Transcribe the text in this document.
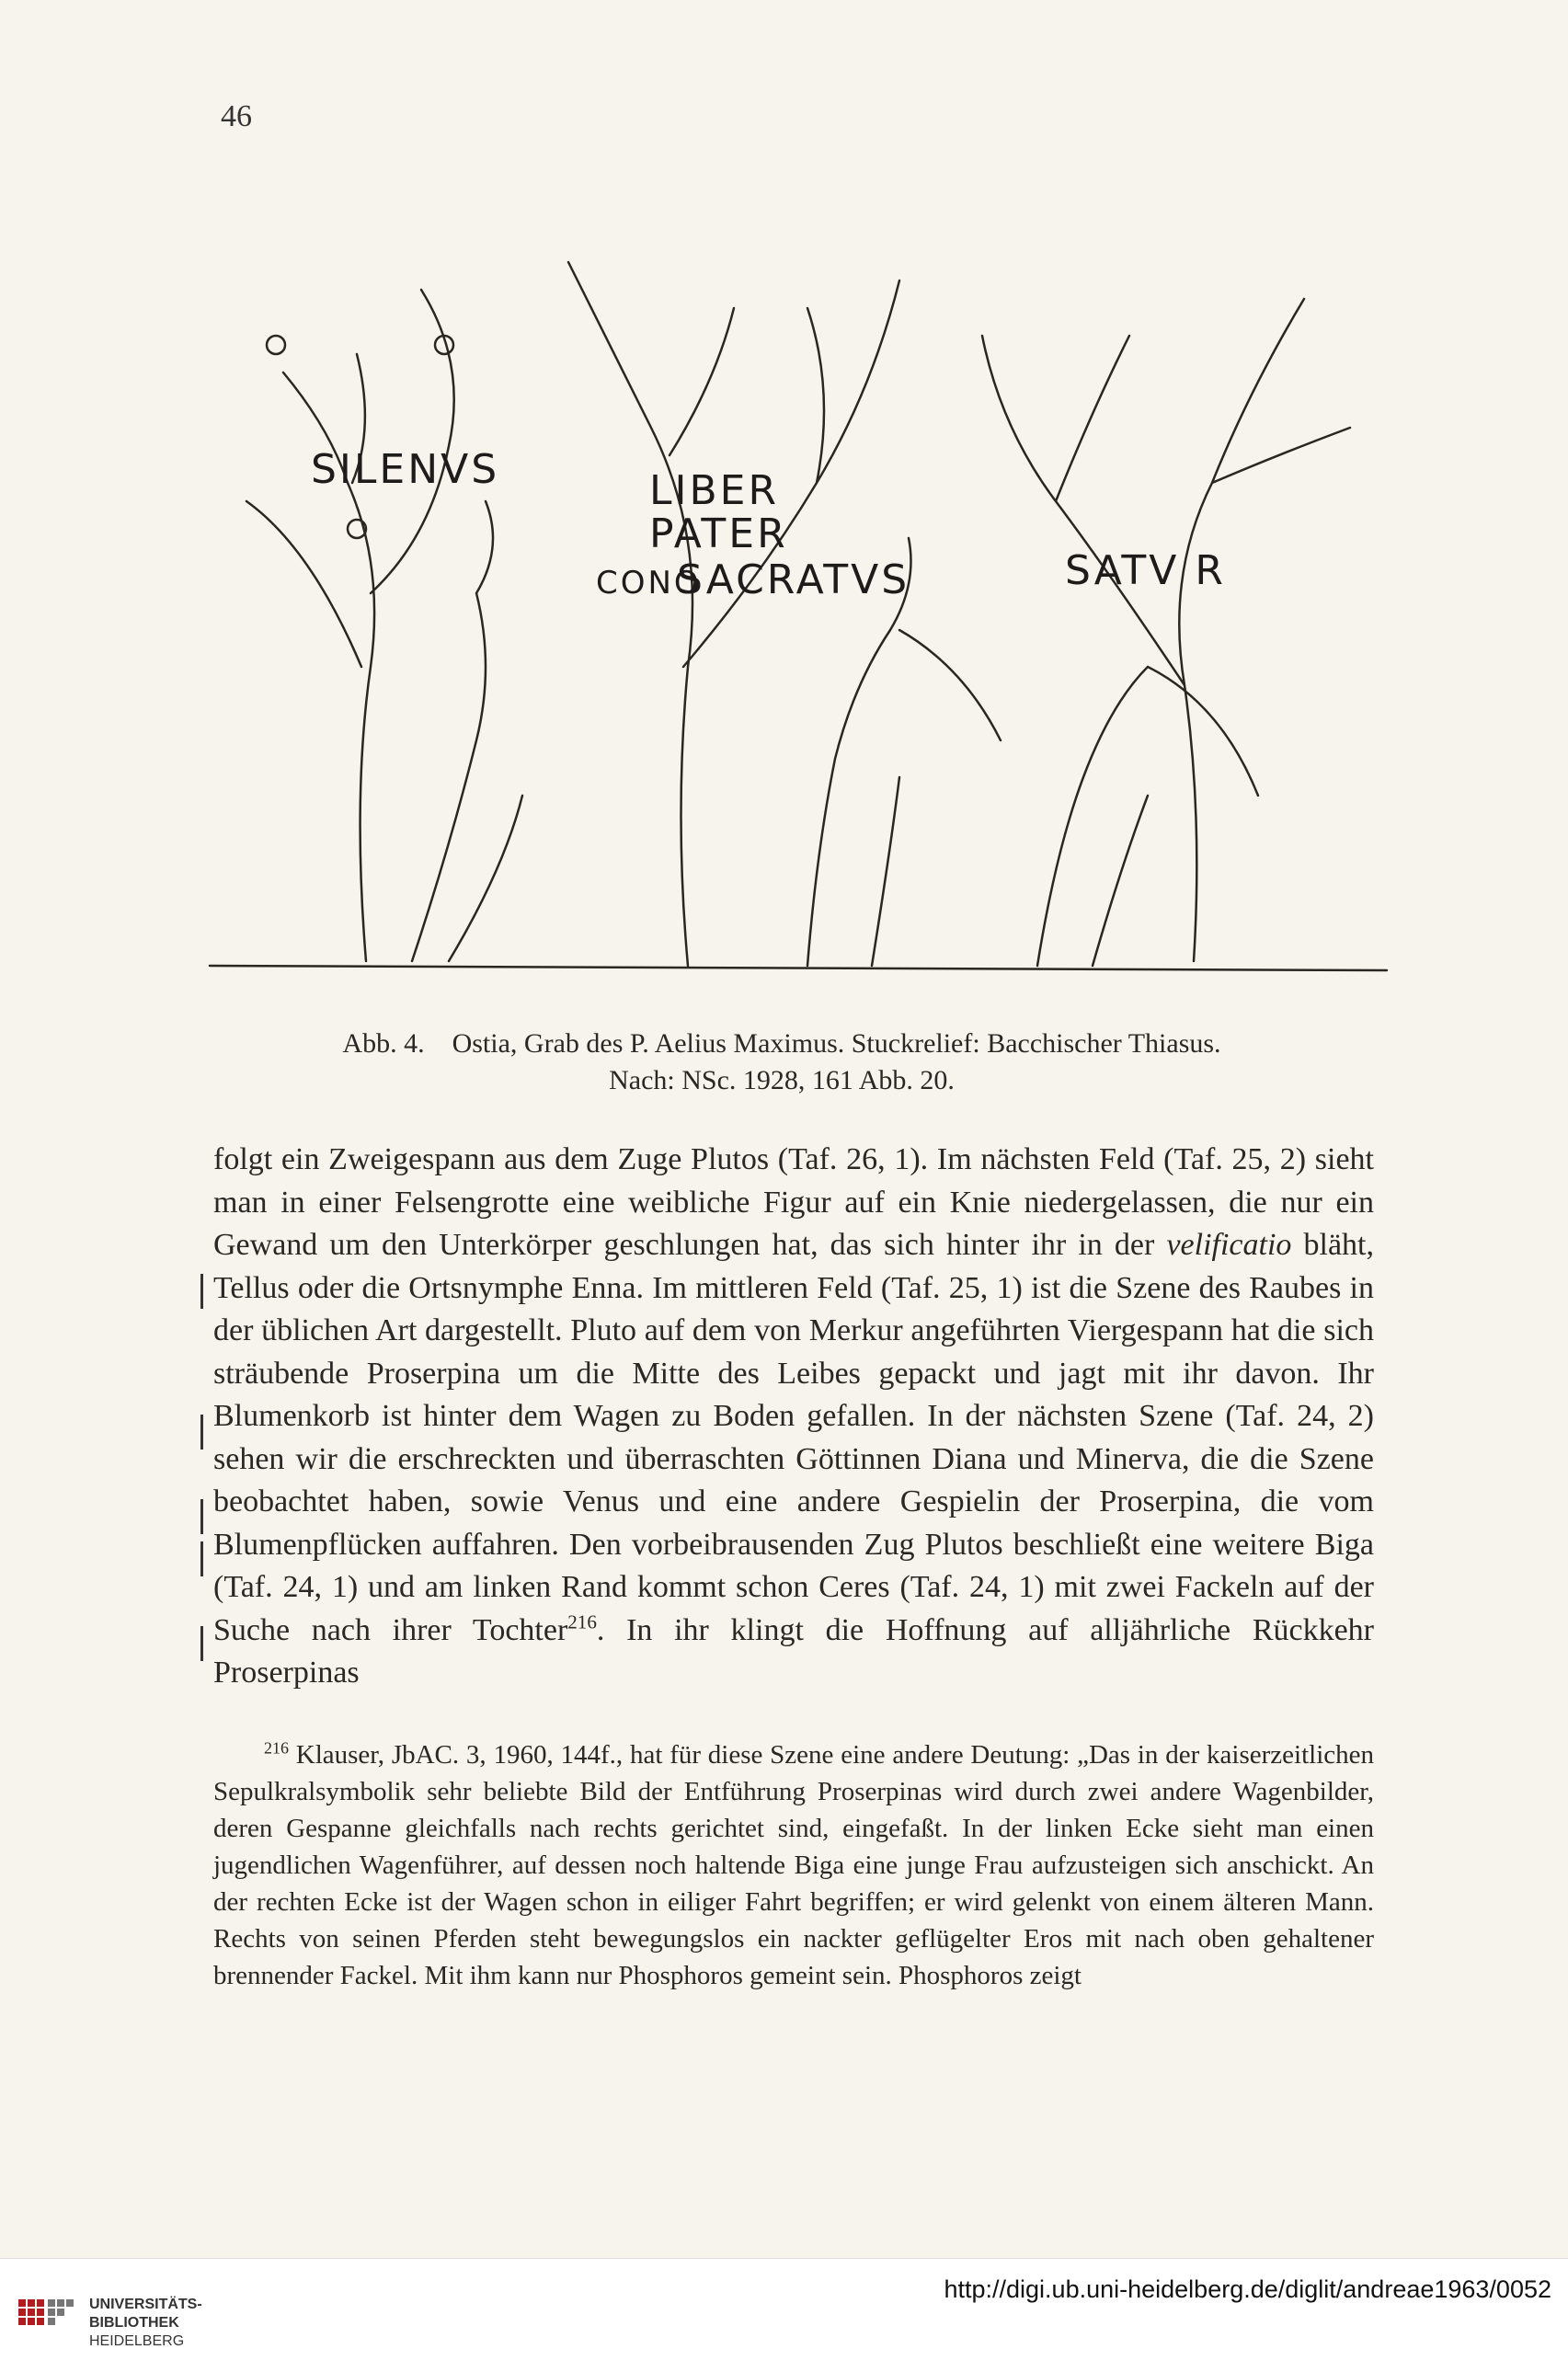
46
SILENVS	LIBER
PATER
CONO
SACRATVS	SATV R
Abb. 4. Ostia, Grab des P. Aelius Maximus. Stuckrelief: Bacchischer Thiasus.
Nach: NSc. 1928, 161 Abb. 20.

folgt ein Zweigespann aus dem Zuge Plutos (Taf. 26, 1). Im nächsten Feld (Taf. 25, 2) sieht man in einer Felsengrotte eine weibliche Figur auf ein Knie niedergelassen, die nur ein Gewand um den Unterkörper geschlungen hat, das sich hinter ihr in der velificatio bläht, Tellus oder die Ortsnymphe Enna. Im mittleren Feld (Taf. 25, 1) ist die Szene des Raubes in der üblichen Art dargestellt. Pluto auf dem von Merkur angeführten Viergespann hat die sich sträubende Proserpina um die Mitte des Leibes gepackt und jagt mit ihr davon. Ihr Blumenkorb ist hinter dem Wagen zu Boden gefallen. In der nächsten Szene (Taf. 24, 2) sehen wir die erschreckten und überraschten Göttinnen Diana und Minerva, die die Szene beobachtet haben, sowie Venus und eine andere Gespielin der Proserpina, die vom Blumenpflücken auffahren. Den vorbeibrausenden Zug Plutos beschließt eine weitere Biga (Taf. 24, 1) und am linken Rand kommt schon Ceres (Taf. 24, 1) mit zwei Fackeln auf der Suche nach ihrer Tochter$^{216}$. In ihr klingt die Hoffnung auf alljährliche Rückkehr Proserpinas

$^{216}$ Klauser, JbAC. 3, 1960, 144f., hat für diese Szene eine andere Deutung: „Das in der kaiserzeitlichen Sepulkralsymbolik sehr beliebte Bild der Entführung Proserpinas wird durch zwei andere Wagenbilder, deren Gespanne gleichfalls nach rechts gerichtet sind, eingefaßt. In der linken Ecke sieht man einen jugendlichen Wagenführer, auf dessen noch haltende Biga eine junge Frau aufzusteigen sich anschickt. An der rechten Ecke ist der Wagen schon in eiliger Fahrt begriffen; er wird gelenkt von einem älteren Mann. Rechts von seinen Pferden steht bewegungslos ein nackter geflügelter Eros mit nach oben gehaltener brennender Fackel. Mit ihm kann nur Phosphoros gemeint sein. Phosphoros zeigt

UNIVERSITÄTS-
BIBLIOTHEK
HEIDELBERG
http://digi.ub.uni-heidelberg.de/diglit/andreae1963/0052
